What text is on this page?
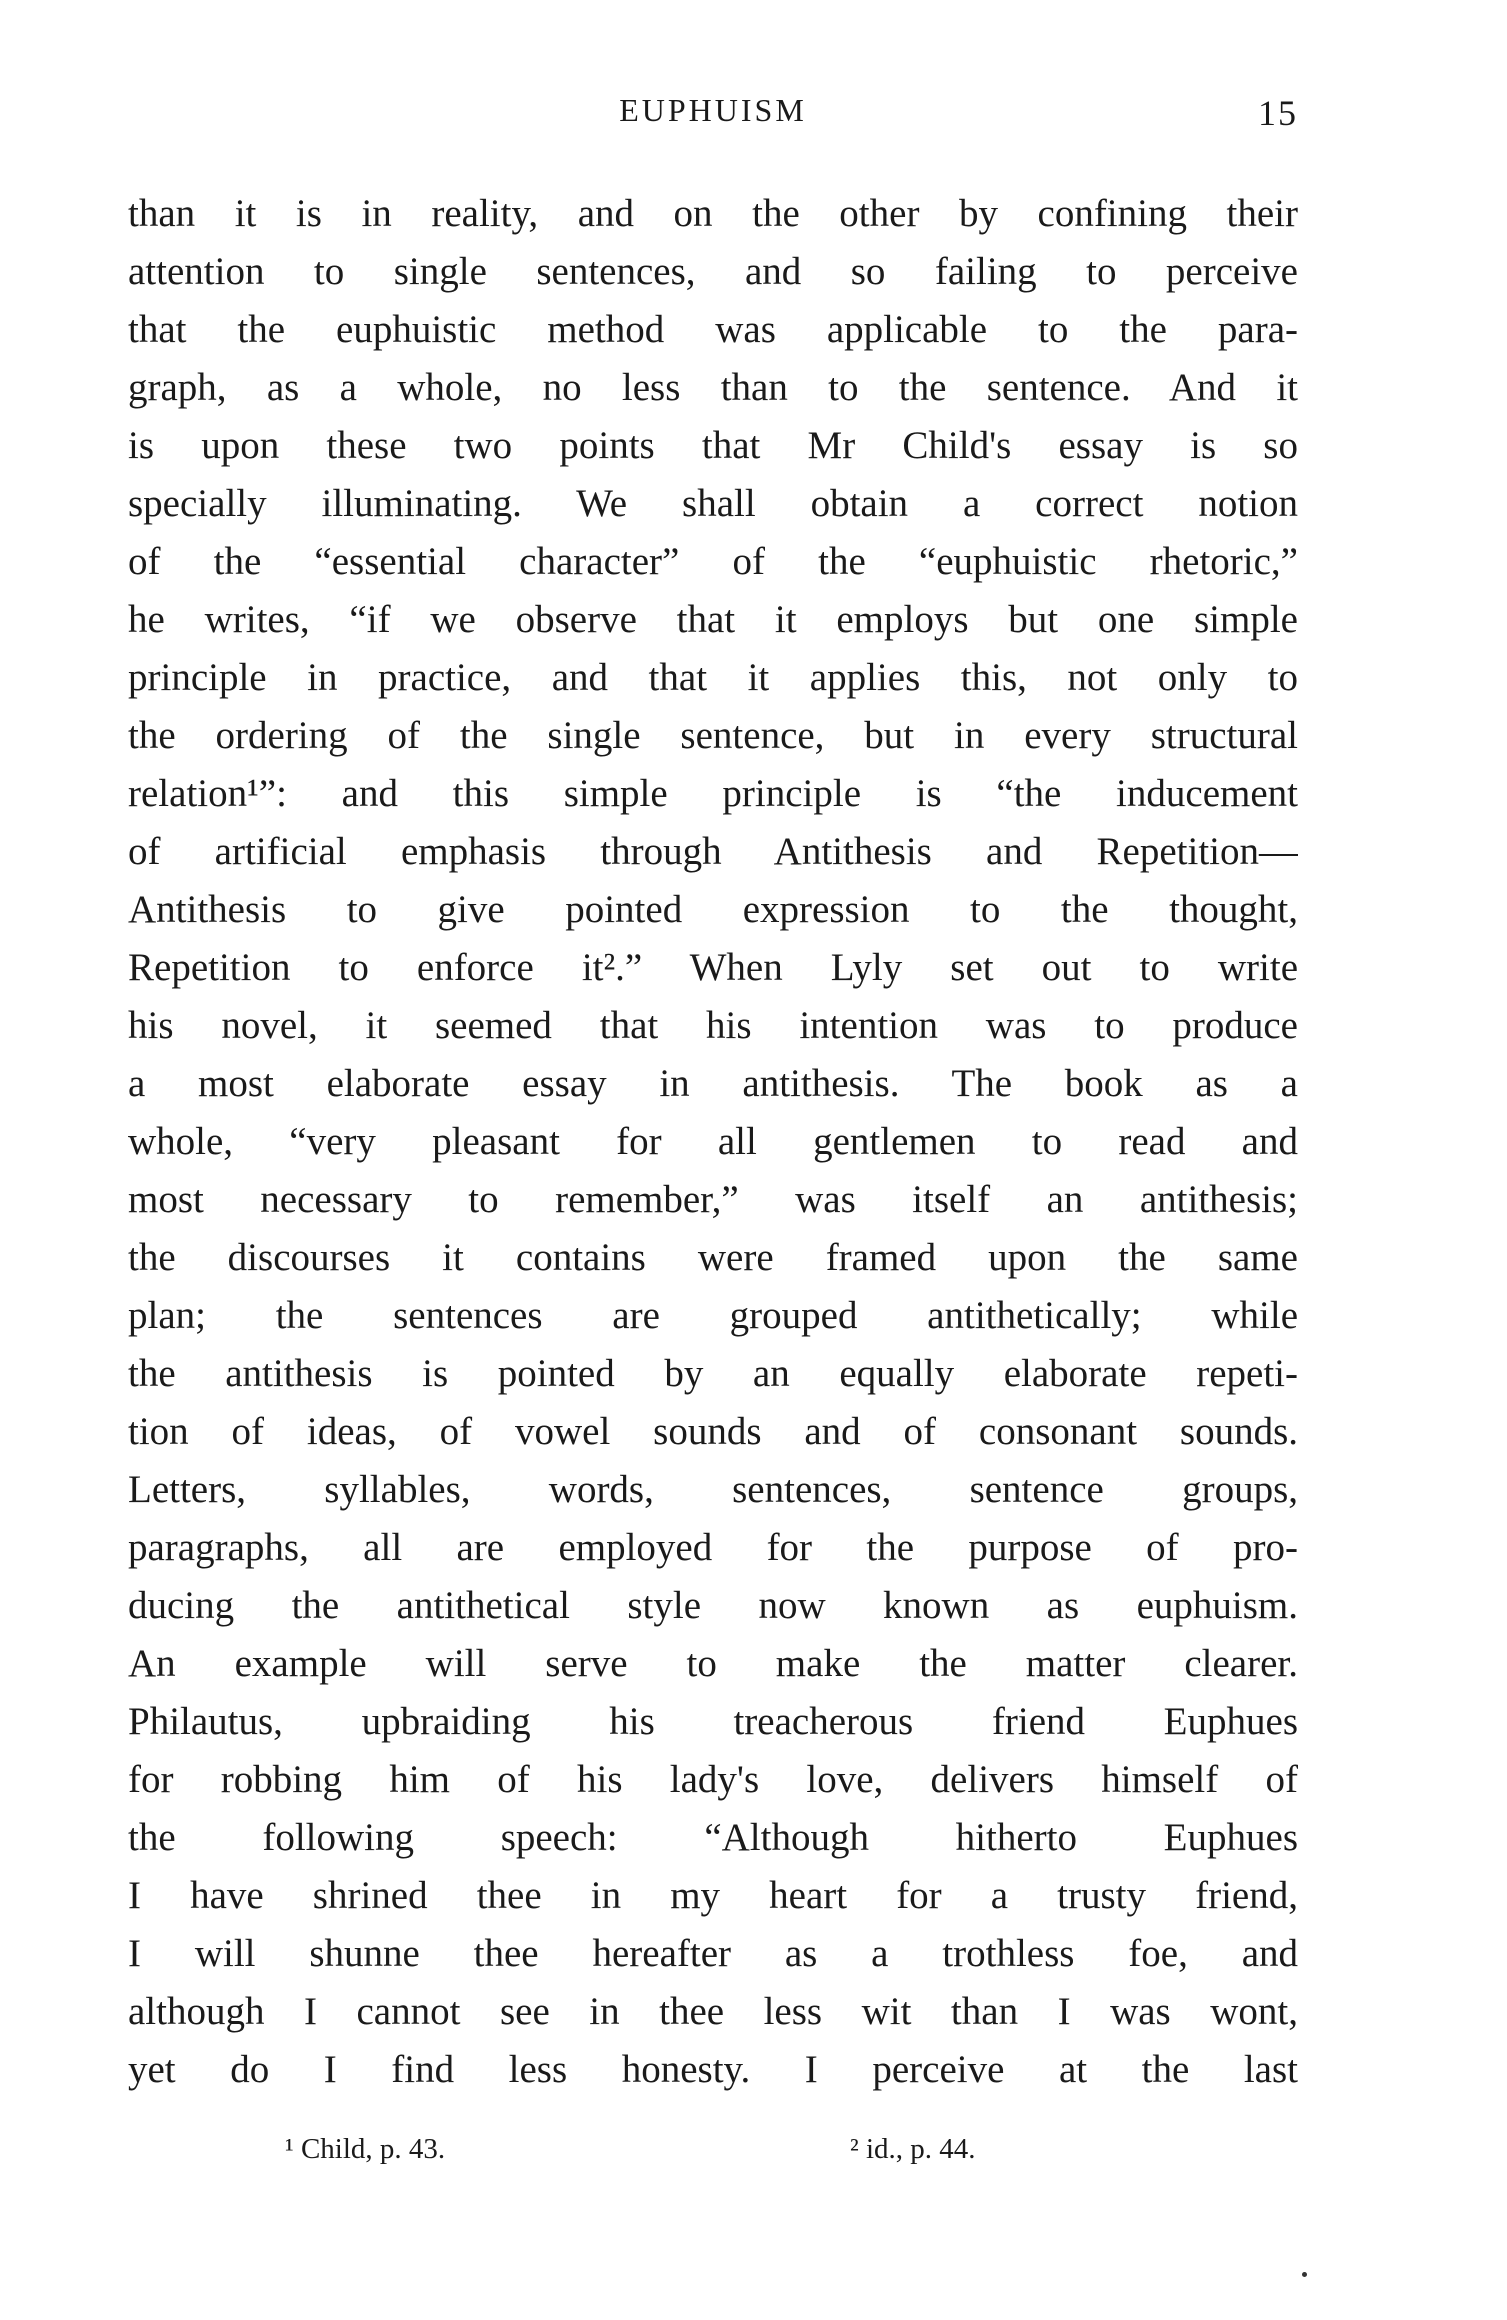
EUPHUISM	15
than it is in reality, and on the other by confining their
attention to single sentences, and so failing to perceive
that the euphuistic method was applicable to the para-
graph, as a whole, no less than to the sentence. And it
is upon these two points that Mr Child's essay is so
specially illuminating. We shall obtain a correct notion
of the “essential character” of the “euphuistic rhetoric,”
he writes, “if we observe that it employs but one simple
principle in practice, and that it applies this, not only to
the ordering of the single sentence, but in every structural
relation¹”: and this simple principle is “the inducement
of artificial emphasis through Antithesis and Repetition—
Antithesis to give pointed expression to the thought,
Repetition to enforce it².” When Lyly set out to write
his novel, it seemed that his intention was to produce
a most elaborate essay in antithesis. The book as a
whole, “very pleasant for all gentlemen to read and
most necessary to remember,” was itself an antithesis;
the discourses it contains were framed upon the same
plan; the sentences are grouped antithetically; while
the antithesis is pointed by an equally elaborate repeti-
tion of ideas, of vowel sounds and of consonant sounds.
Letters, syllables, words, sentences, sentence groups,
paragraphs, all are employed for the purpose of pro-
ducing the antithetical style now known as euphuism.
An example will serve to make the matter clearer.
Philautus, upbraiding his treacherous friend Euphues
for robbing him of his lady's love, delivers himself of
the following speech: “Although hitherto Euphues
I have shrined thee in my heart for a trusty friend,
I will shunne thee hereafter as a trothless foe, and
although I cannot see in thee less wit than I was wont,
yet do I find less honesty. I perceive at the last
¹ Child, p. 43.	² id., p. 44.
